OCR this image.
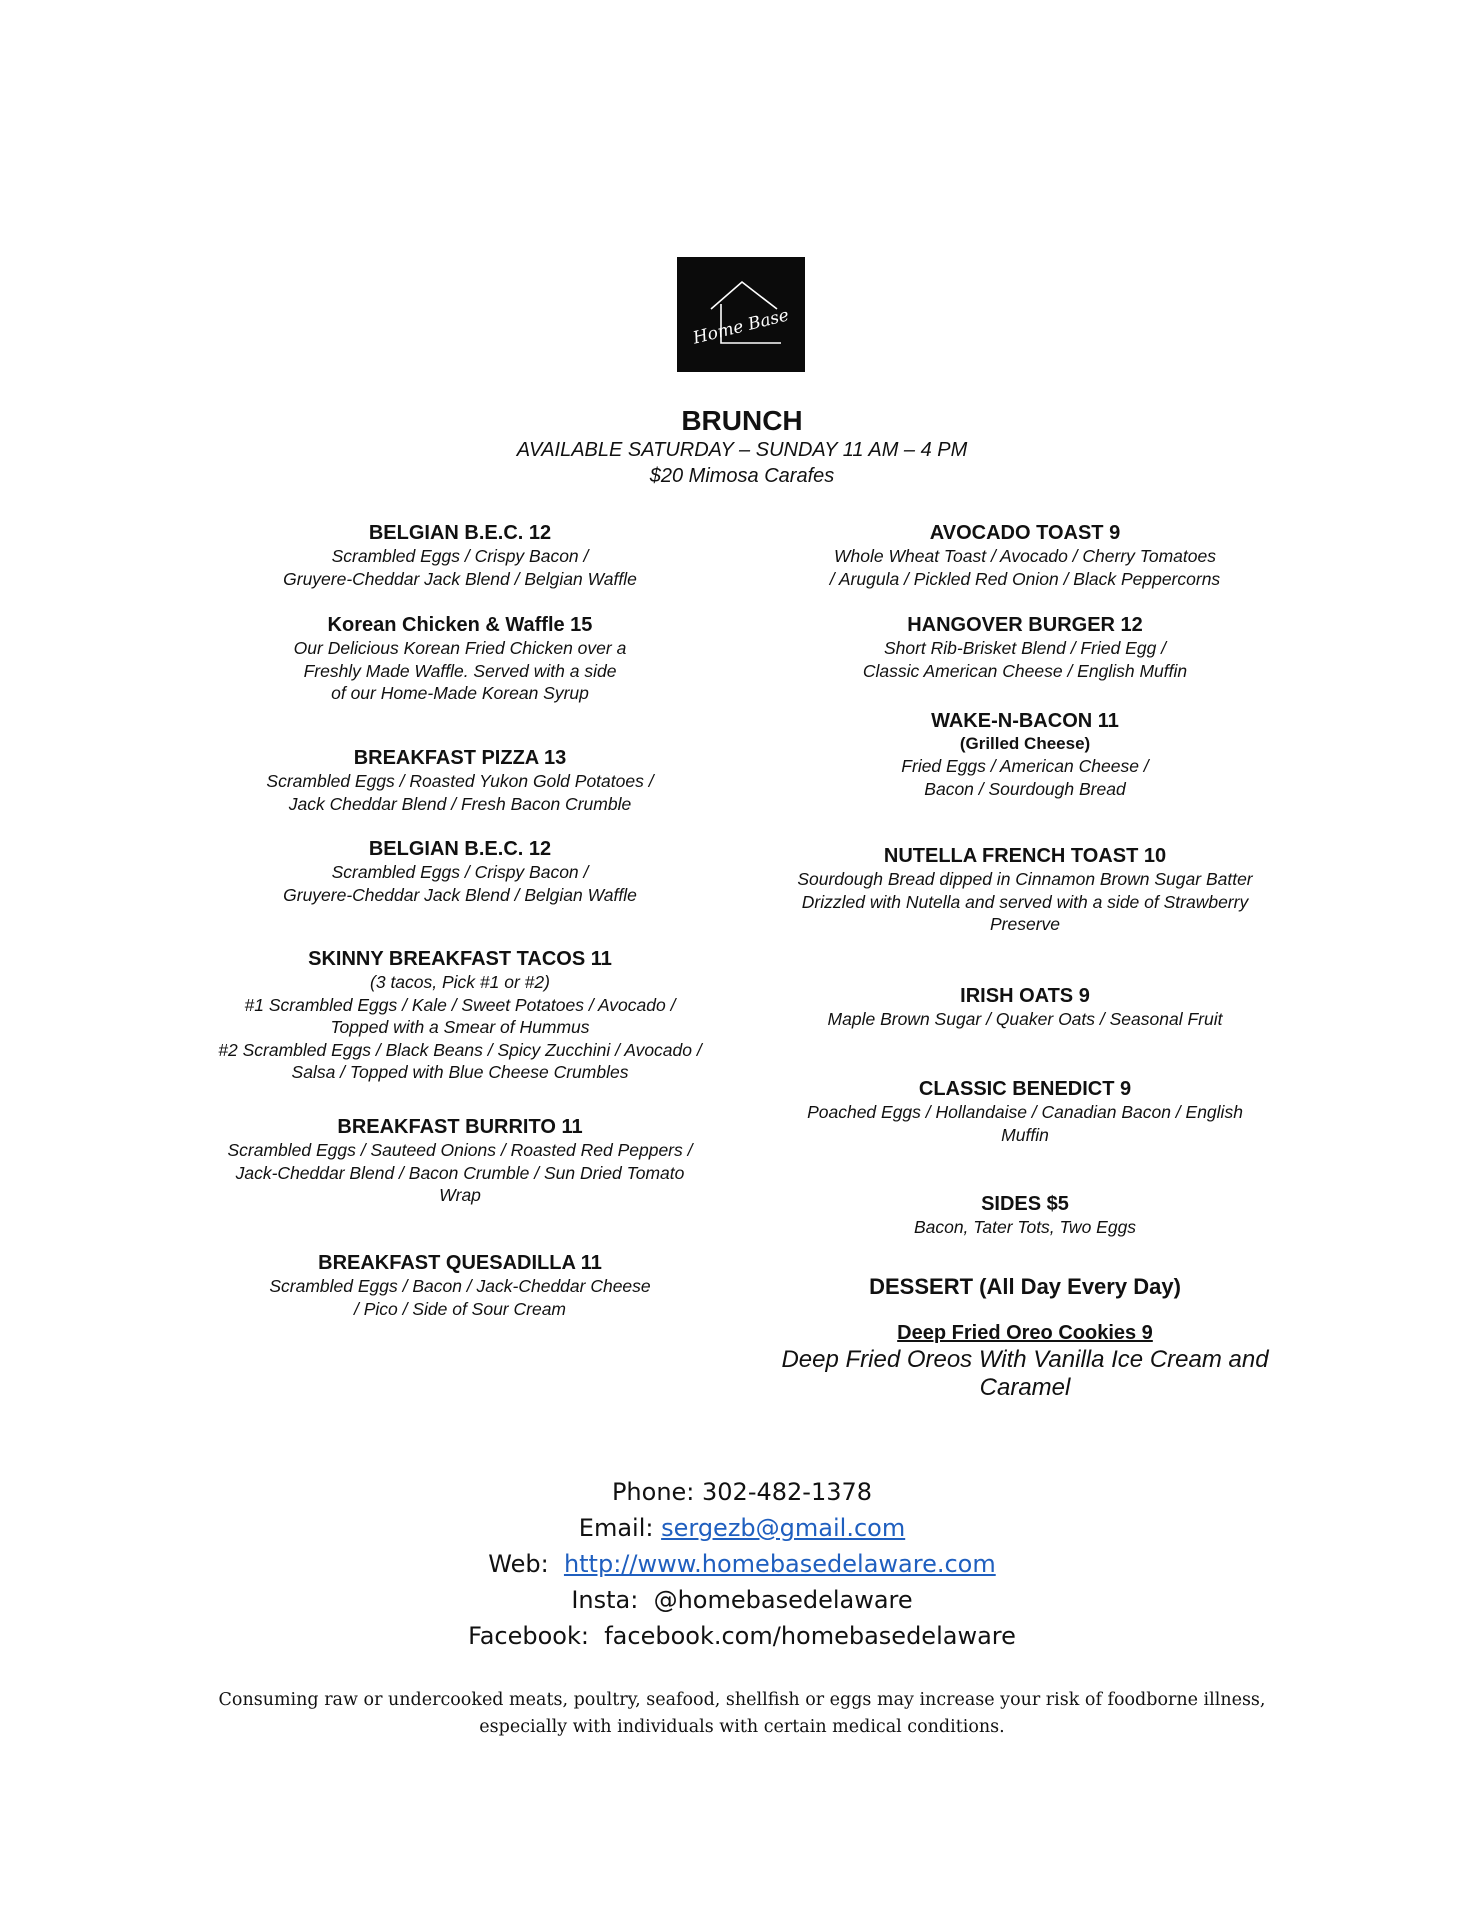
Home Base
BRUNCH
AVAILABLE SATURDAY – SUNDAY 11 AM – 4 PM
$20 Mimosa Carafes
BELGIAN B.E.C. 12
Scrambled Eggs / Crispy Bacon /
Gruyere-Cheddar Jack Blend / Belgian Waffle
Korean Chicken & Waffle 15
Our Delicious Korean Fried Chicken over a
Freshly Made Waffle. Served with a side
of our Home-Made Korean Syrup
BREAKFAST PIZZA 13
Scrambled Eggs / Roasted Yukon Gold Potatoes /
Jack Cheddar Blend / Fresh Bacon Crumble
BELGIAN B.E.C. 12
Scrambled Eggs / Crispy Bacon /
Gruyere-Cheddar Jack Blend / Belgian Waffle
SKINNY BREAKFAST TACOS 11
(3 tacos, Pick #1 or #2)
#1 Scrambled Eggs / Kale / Sweet Potatoes / Avocado /
Topped with a Smear of Hummus
#2 Scrambled Eggs / Black Beans / Spicy Zucchini / Avocado /
Salsa / Topped with Blue Cheese Crumbles
BREAKFAST BURRITO 11
Scrambled Eggs / Sauteed Onions / Roasted Red Peppers /
Jack-Cheddar Blend / Bacon Crumble / Sun Dried Tomato
Wrap
BREAKFAST QUESADILLA 11
Scrambled Eggs / Bacon / Jack-Cheddar Cheese
/ Pico / Side of Sour Cream
AVOCADO TOAST 9
Whole Wheat Toast / Avocado / Cherry Tomatoes
/ Arugula / Pickled Red Onion / Black Peppercorns
HANGOVER BURGER 12
Short Rib-Brisket Blend / Fried Egg /
Classic American Cheese / English Muffin
WAKE-N-BACON 11
(Grilled Cheese)
Fried Eggs / American Cheese /
Bacon / Sourdough Bread
NUTELLA FRENCH TOAST 10
Sourdough Bread dipped in Cinnamon Brown Sugar Batter
Drizzled with Nutella and served with a side of Strawberry
Preserve
IRISH OATS 9
Maple Brown Sugar / Quaker Oats / Seasonal Fruit
CLASSIC BENEDICT 9
Poached Eggs / Hollandaise / Canadian Bacon / English
Muffin
SIDES $5
Bacon, Tater Tots, Two Eggs
DESSERT (All Day Every Day)
Deep Fried Oreo Cookies 9
Deep Fried Oreos With Vanilla Ice Cream and
Caramel
Phone: 302-482-1378
Email: sergezb@gmail.com
Web:  http://www.homebasedelaware.com
Insta:  @homebasedelaware
Facebook:  facebook.com/homebasedelaware
Consuming raw or undercooked meats, poultry, seafood, shellfish or eggs may increase your risk of foodborne illness,
especially with individuals with certain medical conditions.
